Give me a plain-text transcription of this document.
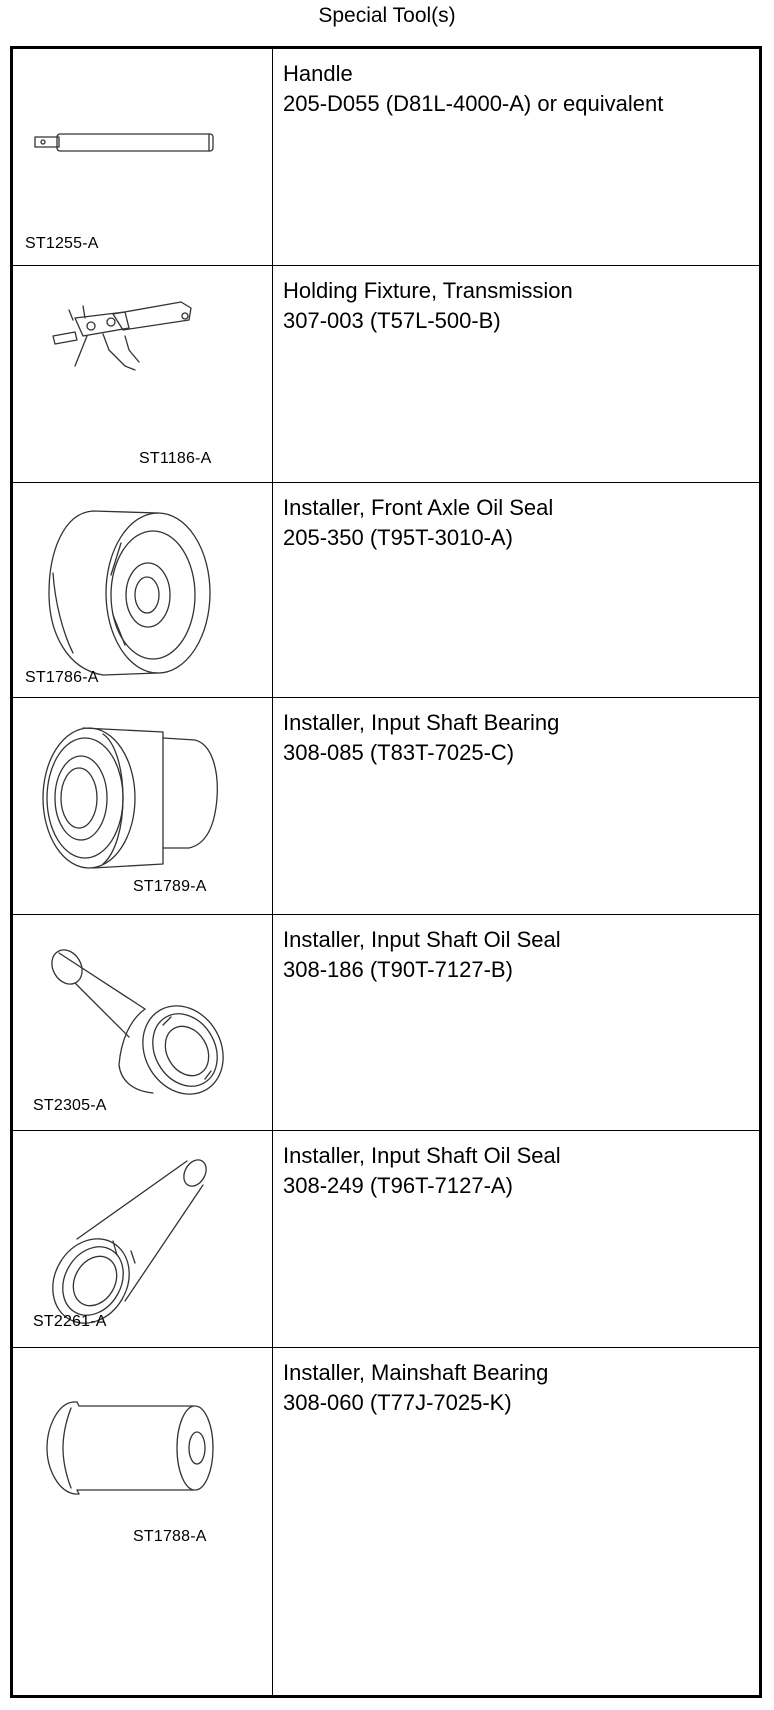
Special Tool(s)
ST1255-A
Handle
205-D055 (D81L-4000-A) or equivalent
ST1186-A
Holding Fixture, Transmission
307-003 (T57L-500-B)
ST1786-A
Installer, Front Axle Oil Seal
205-350 (T95T-3010-A)
ST1789-A
Installer, Input Shaft Bearing
308-085 (T83T-7025-C)
ST2305-A
Installer, Input Shaft Oil Seal
308-186 (T90T-7127-B)
ST2261-A
Installer, Input Shaft Oil Seal
308-249 (T96T-7127-A)
ST1788-A
Installer, Mainshaft Bearing
308-060 (T77J-7025-K)
